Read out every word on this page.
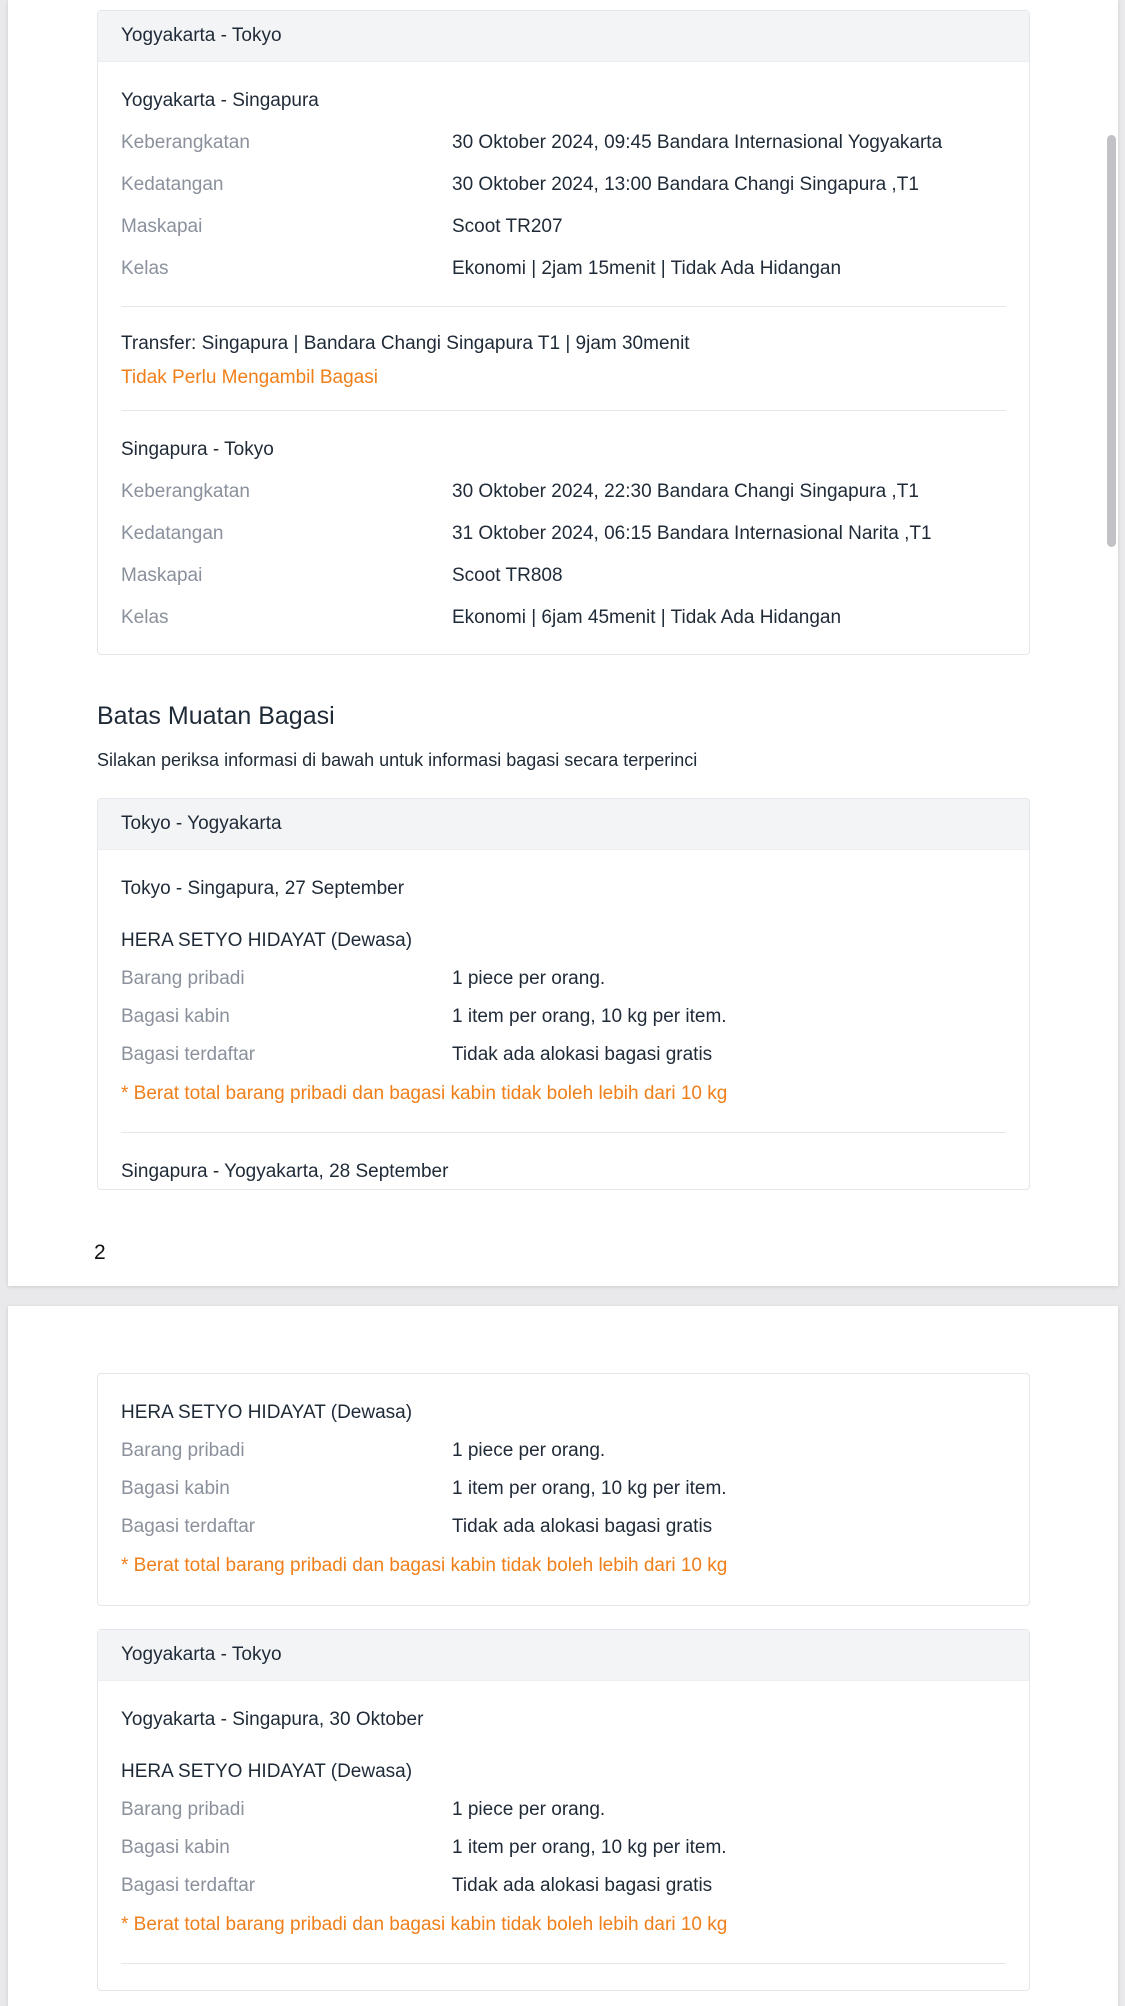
Yogyakarta - Tokyo
Yogyakarta - Singapura
Keberangkatan	30 Oktober 2024, 09:45 Bandara Internasional Yogyakarta
Kedatangan	30 Oktober 2024, 13:00 Bandara Changi Singapura ,T1
Maskapai	Scoot TR207
Kelas	Ekonomi | 2jam 15menit | Tidak Ada Hidangan
Transfer: Singapura | Bandara Changi Singapura T1 | 9jam 30menit
Tidak Perlu Mengambil Bagasi
Singapura - Tokyo
Keberangkatan	30 Oktober 2024, 22:30 Bandara Changi Singapura ,T1
Kedatangan	31 Oktober 2024, 06:15 Bandara Internasional Narita ,T1
Maskapai	Scoot TR808
Kelas	Ekonomi | 6jam 45menit | Tidak Ada Hidangan
Batas Muatan Bagasi
Silakan periksa informasi di bawah untuk informasi bagasi secara terperinci
Tokyo - Yogyakarta
Tokyo - Singapura, 27 September
HERA SETYO HIDAYAT (Dewasa)
Barang pribadi	1 piece per orang.
Bagasi kabin	1 item per orang, 10 kg per item.
Bagasi terdaftar	Tidak ada alokasi bagasi gratis
* Berat total barang pribadi dan bagasi kabin tidak boleh lebih dari 10 kg
Singapura - Yogyakarta, 28 September
2
HERA SETYO HIDAYAT (Dewasa)
Barang pribadi	1 piece per orang.
Bagasi kabin	1 item per orang, 10 kg per item.
Bagasi terdaftar	Tidak ada alokasi bagasi gratis
* Berat total barang pribadi dan bagasi kabin tidak boleh lebih dari 10 kg
Yogyakarta - Tokyo
Yogyakarta - Singapura, 30 Oktober
HERA SETYO HIDAYAT (Dewasa)
Barang pribadi	1 piece per orang.
Bagasi kabin	1 item per orang, 10 kg per item.
Bagasi terdaftar	Tidak ada alokasi bagasi gratis
* Berat total barang pribadi dan bagasi kabin tidak boleh lebih dari 10 kg
